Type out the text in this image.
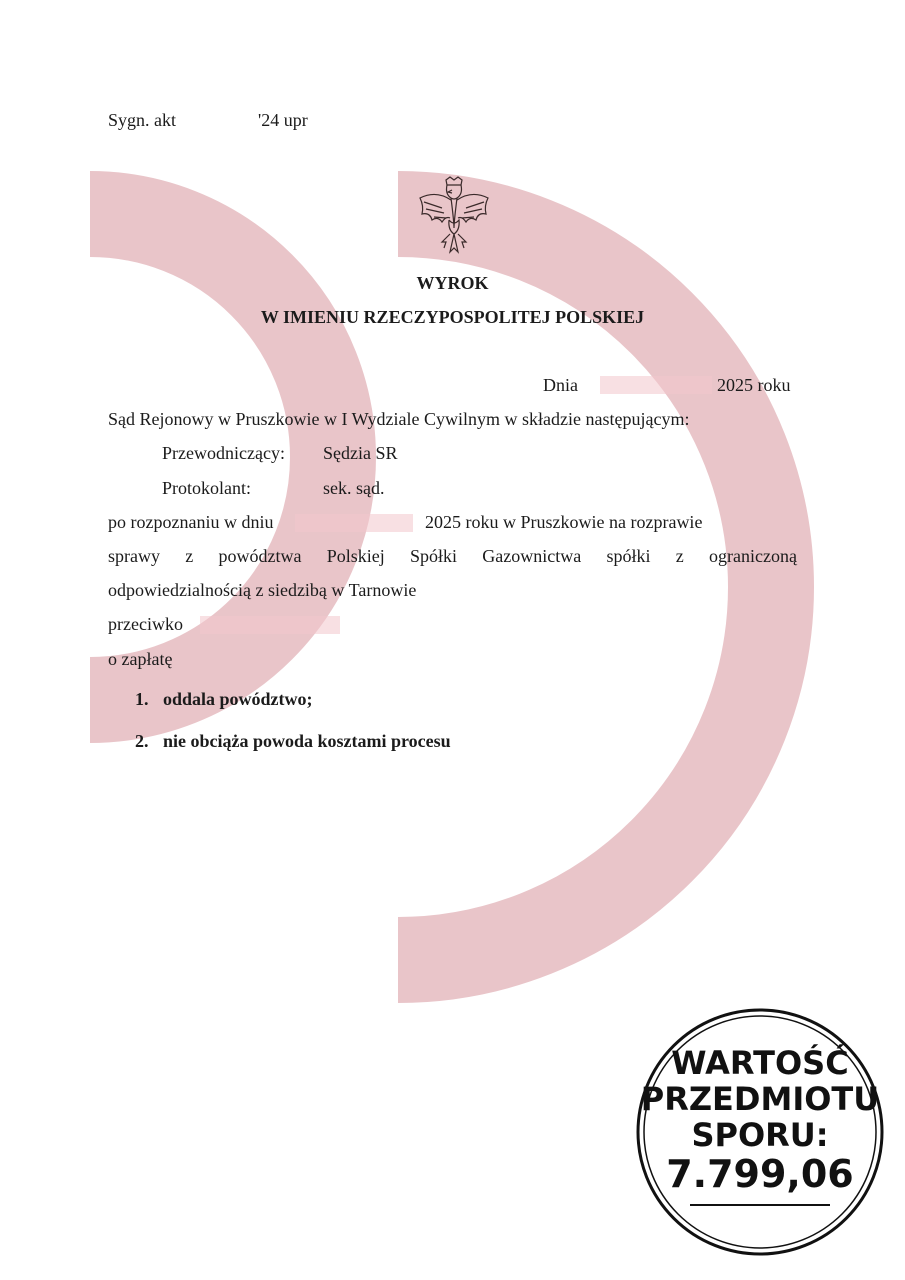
Sygn. akt	'24 upr
WYROK
W IMIENIU RZECZYPOSPOLITEJ POLSKIEJ
Dnia	2025 roku
Sąd Rejonowy w Pruszkowie w I Wydziale Cywilnym w składzie następującym:
Przewodniczący: Sędzia SR
Protokolant:	sek. sąd.
po rozpoznaniu w dniu	2025 roku w Pruszkowie na rozprawie
sprawy z powództwa Polskiej Spółki Gazownictwa spółki z ograniczoną
odpowiedzialnością z siedzibą w Tarnowie
przeciwko
o zapłatę
1. oddala powództwo;
2. nie obciąża powoda kosztami procesu
WARTOŚĆ
PRZEDMIOTU
SPORU:
7.799,06
